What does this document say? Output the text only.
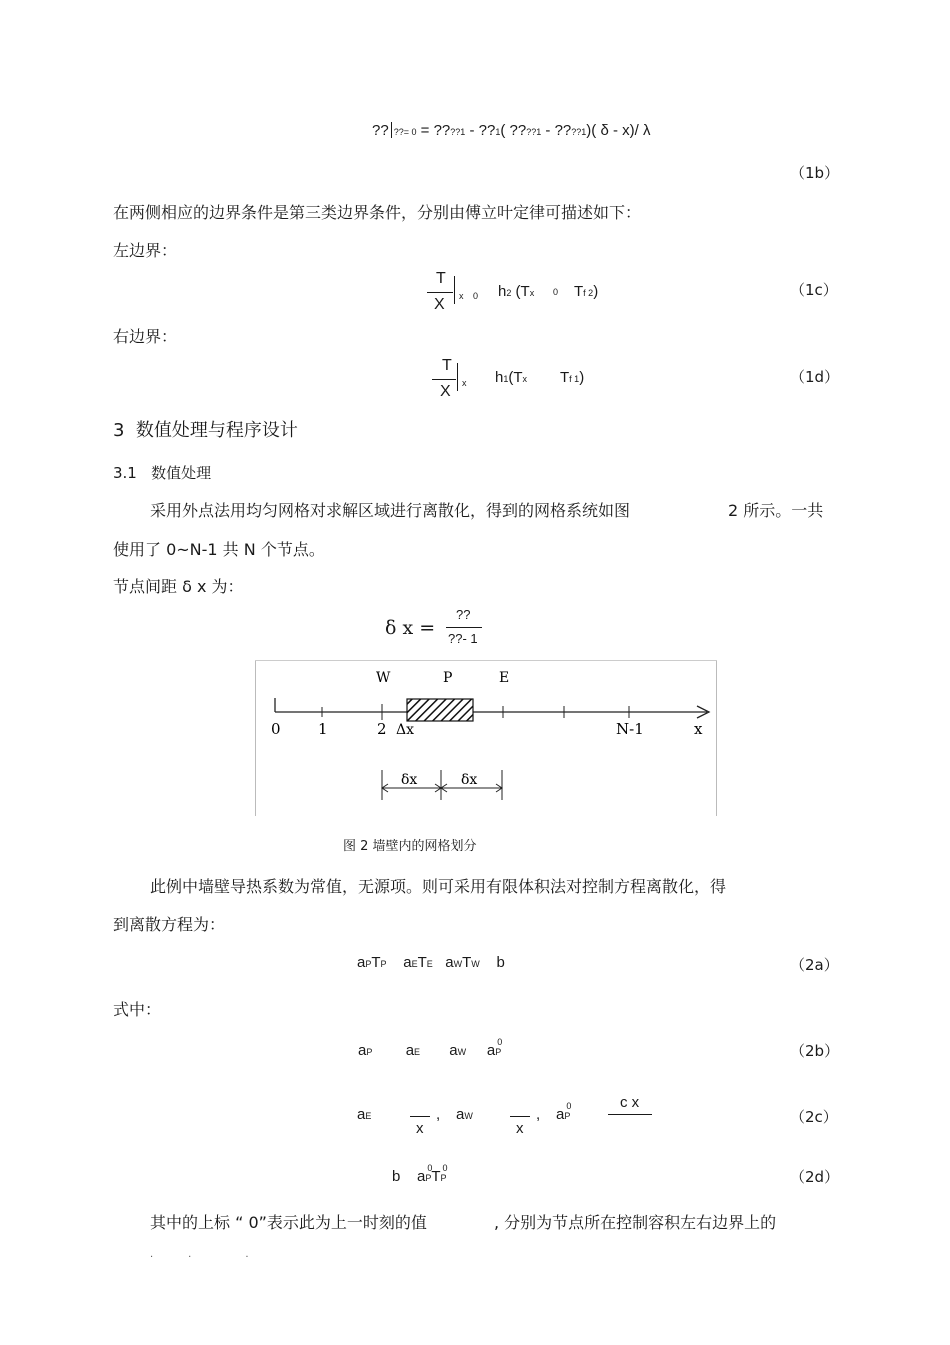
?? ??= 0 = ????1 - ??1( ????1 - ????1)( δ - x)/ λ
（1b）
在两侧相应的边界条件是第三类边界条件，分别由傅立叶定律可描述如下：
左边界：
T
X x 0 h2 (Tx 0 Tf 2)	（1c）
右边界：
T
X x h1(Tx Tf 1)	（1d）
3 数值处理与程序设计
3.1 数值处理
采用外点法用均匀网格对求解区域进行离散化，得到的网格系统如图	2 所示。一共
使用了 0~N-1 共 N 个节点。
节点间距 δ x 为：
δ x =
??
??- 1
W	P	E
0 1	2 Δx	N-1	x
δx	δx
图 2 墙壁内的网格划分
此例中墙壁导热系数为常值，无源项。则可采用有限体积法对控制方程离散化，得
到离散方程为：
aPTP    aETE   aWTW    b	（2a）
式中：
aP        aE       aW     aP
0	（2b）
aE
x
, aW
x
, aP
0	c x
（2c）
b    aP
0 TP
0	（2d）
其中的上标 “ 0”表示此为上一时刻的值	, 分别为节点所在控制容积左右边界上的
·           ·                 ·
